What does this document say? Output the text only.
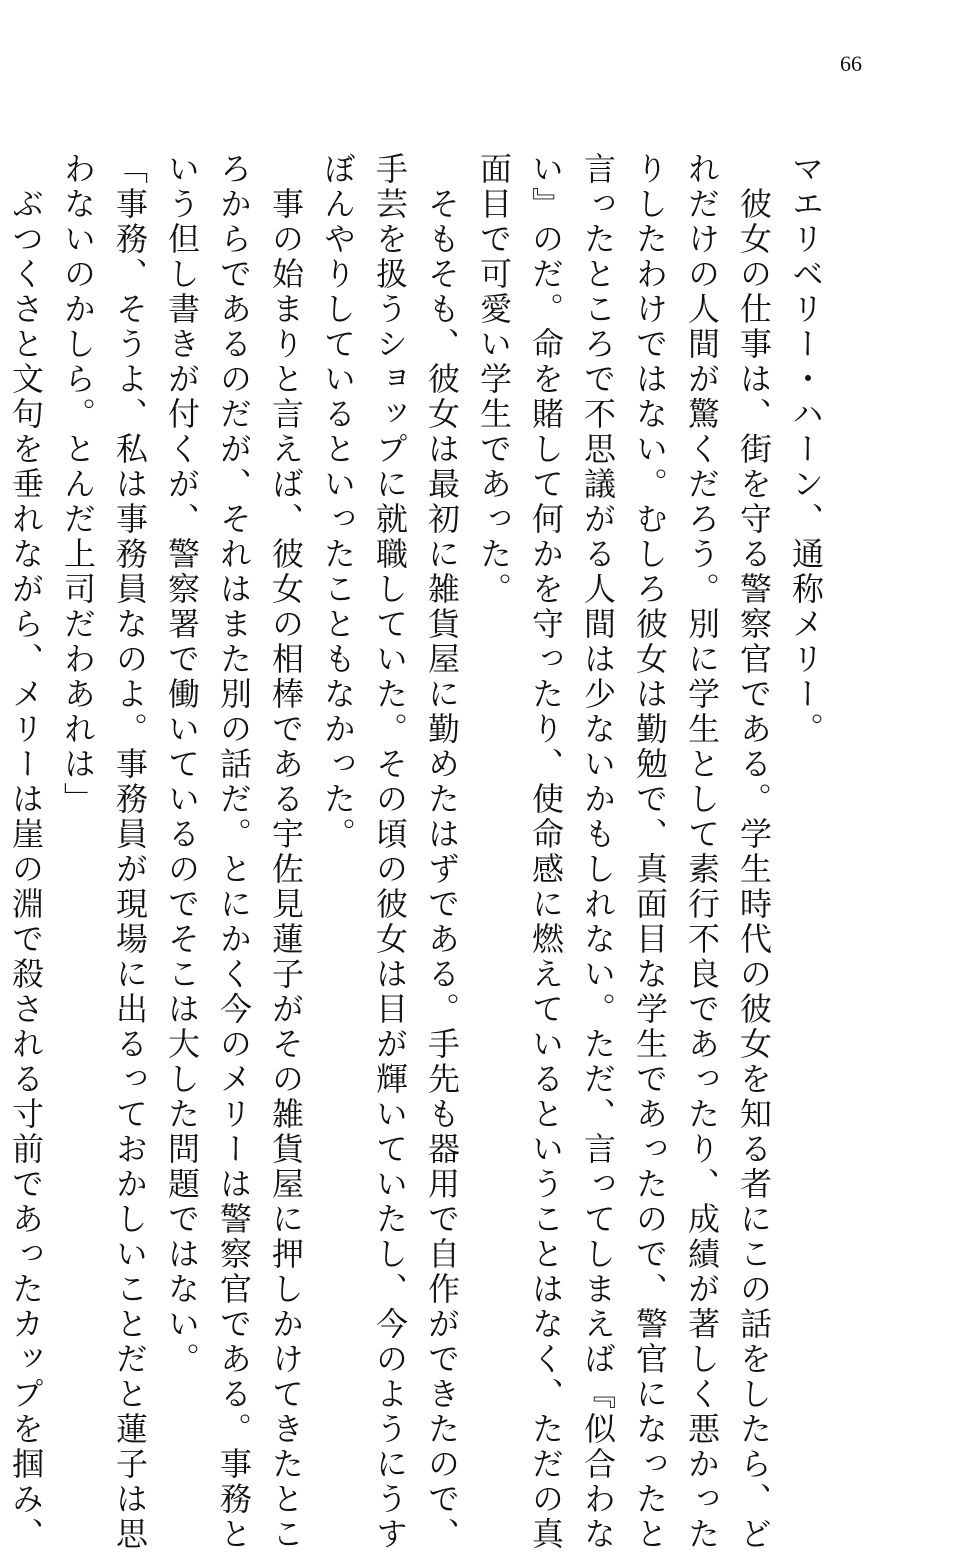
66

マエリベリー・ハーン、通称メリー。

　彼女の仕事は、街を守る警察官である。学生時代の彼女を知る者にこの話をしたら、ど

れだけの人間が驚くだろう。別に学生として素行不良であったり、成績が著しく悪かった

りしたわけではない。むしろ彼女は勤勉で、真面目な学生であったので、警官になったと

言ったところで不思議がる人間は少ないかもしれない。ただ、言ってしまえば『似合わな

い』のだ。命を賭して何かを守ったり、使命感に燃えているということはなく、ただの真

面目で可愛い学生であった。

　そもそも、彼女は最初に雑貨屋に勤めたはずである。手先も器用で自作ができたので、

手芸を扱うショップに就職していた。その頃の彼女は目が輝いていたし、今のようにうす

ぼんやりしているといったこともなかった。

　事の始まりと言えば、彼女の相棒である宇佐見蓮子がその雑貨屋に押しかけてきたとこ

ろからであるのだが、それはまた別の話だ。とにかく今のメリーは警察官である。事務と

いう但し書きが付くが、警察署で働いているのでそこは大した問題ではない。

「事務、そうよ、私は事務員なのよ。事務員が現場に出るっておかしいことだと蓮子は思

わないのかしら。とんだ上司だわあれは」

　ぶつくさと文句を垂れながら、メリーは崖の淵で殺される寸前であったカップを掴み、
